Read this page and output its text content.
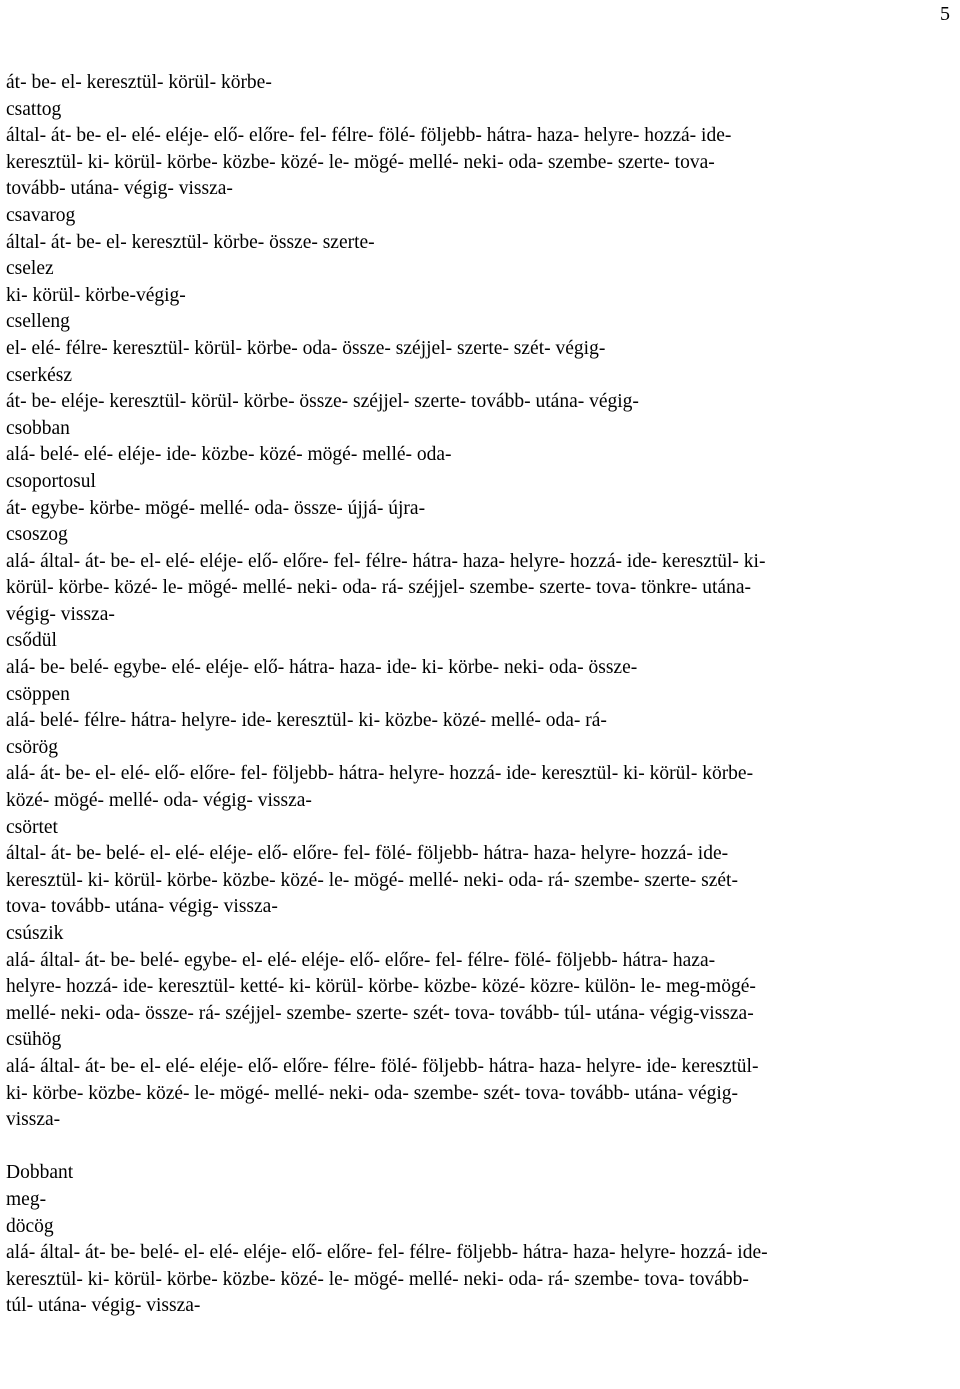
5
át- be- el- keresztül- körül- körbe-
csattog
által- át- be- el- elé- eléje- elő- előre- fel- félre- fölé- följebb- hátra- haza- helyre- hozzá- ide-
keresztül- ki- körül- körbe- közbe- közé- le- mögé- mellé- neki- oda- szembe- szerte- tova-
tovább- utána- végig- vissza-
csavarog
által- át- be- el- keresztül- körbe- össze- szerte-
cselez
ki- körül- körbe-végig-
cselleng
el- elé- félre- keresztül- körül- körbe- oda- össze- széjjel- szerte- szét- végig-
cserkész
át- be- eléje- keresztül- körül- körbe- össze- széjjel- szerte- tovább- utána- végig-
csobban
alá- belé- elé- eléje- ide- közbe- közé- mögé- mellé- oda-
csoportosul
át- egybe- körbe- mögé- mellé- oda- össze- újjá- újra-
csoszog
alá- által- át- be- el- elé- eléje- elő- előre- fel- félre- hátra- haza- helyre- hozzá- ide- keresztül- ki-
körül- körbe- közé- le- mögé- mellé- neki- oda- rá- széjjel- szembe- szerte- tova- tönkre- utána-
végig- vissza-
csődül
alá- be- belé- egybe- elé- eléje- elő- hátra- haza- ide- ki- körbe- neki- oda- össze-
csöppen
alá- belé- félre- hátra- helyre- ide- keresztül- ki- közbe- közé- mellé- oda- rá-
csörög
alá- át- be- el- elé- elő- előre- fel- följebb- hátra- helyre- hozzá- ide- keresztül- ki- körül- körbe-
közé- mögé- mellé- oda- végig- vissza-
csörtet
által- át- be- belé- el- elé- eléje- elő- előre- fel- fölé- följebb- hátra- haza- helyre- hozzá- ide-
keresztül- ki- körül- körbe- közbe- közé- le- mögé- mellé- neki- oda- rá- szembe- szerte- szét-
tova- tovább- utána- végig- vissza-
csúszik
alá- által- át- be- belé- egybe- el- elé- eléje- elő- előre- fel- félre- fölé- följebb- hátra- haza-
helyre- hozzá- ide- keresztül- ketté- ki- körül- körbe- közbe- közé- közre- külön- le- meg-mögé-
mellé- neki- oda- össze- rá- széjjel- szembe- szerte- szét- tova- tovább- túl- utána- végig-vissza-
csühög
alá- által- át- be- el- elé- eléje- elő- előre- félre- fölé- följebb- hátra- haza- helyre- ide- keresztül-
ki- körbe- közbe- közé- le- mögé- mellé- neki- oda- szembe- szét- tova- tovább- utána- végig-
vissza-
Dobbant
meg-
döcög
alá- által- át- be- belé- el- elé- eléje- elő- előre- fel- félre- följebb- hátra- haza- helyre- hozzá- ide-
keresztül- ki- körül- körbe- közbe- közé- le- mögé- mellé- neki- oda- rá- szembe- tova- tovább-
túl- utána- végig- vissza-
